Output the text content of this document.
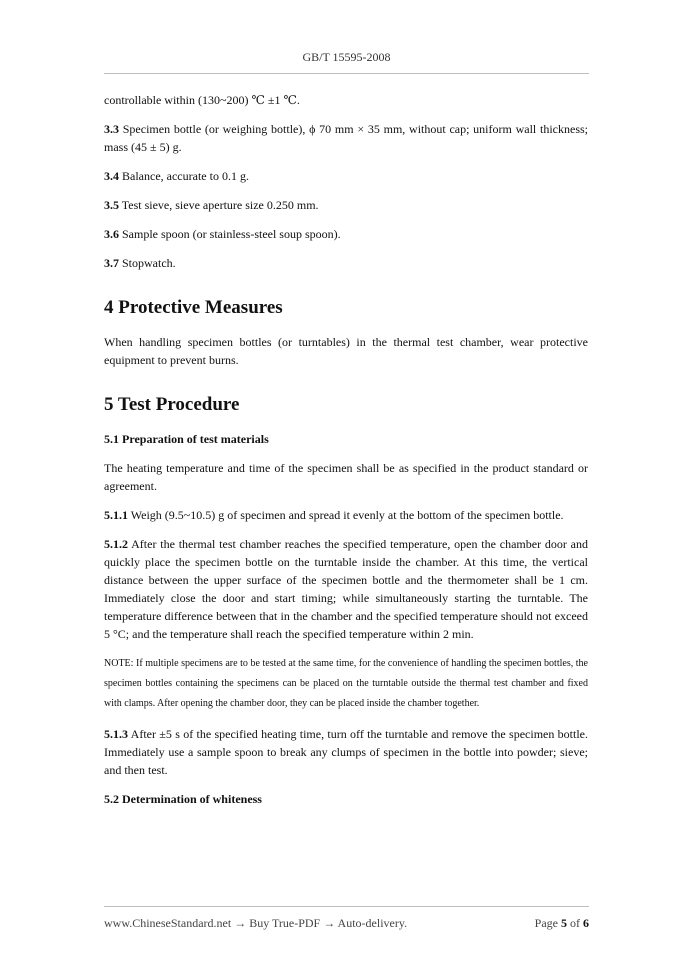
GB/T 15595-2008

controllable within (130~200) ℃ ±1 ℃.

3.3 Specimen bottle (or weighing bottle), ϕ 70 mm × 35 mm, without cap; uniform wall thickness; mass (45 ± 5) g.

3.4 Balance, accurate to 0.1 g.

3.5 Test sieve, sieve aperture size 0.250 mm.

3.6 Sample spoon (or stainless-steel soup spoon).

3.7 Stopwatch.

4 Protective Measures

When handling specimen bottles (or turntables) in the thermal test chamber, wear protective equipment to prevent burns.

5 Test Procedure
5.1 Preparation of test materials

The heating temperature and time of the specimen shall be as specified in the product standard or agreement.

5.1.1 Weigh (9.5~10.5) g of specimen and spread it evenly at the bottom of the specimen bottle.

5.1.2 After the thermal test chamber reaches the specified temperature, open the chamber door and quickly place the specimen bottle on the turntable inside the chamber. At this time, the vertical distance between the upper surface of the specimen bottle and the thermometer shall be 1 cm. Immediately close the door and start timing; while simultaneously starting the turntable. The temperature difference between that in the chamber and the specified temperature should not exceed 5 °C; and the temperature shall reach the specified temperature within 2 min.

NOTE: If multiple specimens are to be tested at the same time, for the convenience of handling the specimen bottles, the specimen bottles containing the specimens can be placed on the turntable outside the thermal test chamber and fixed with clamps. After opening the chamber door, they can be placed inside the chamber together.

5.1.3 After ±5 s of the specified heating time, turn off the turntable and remove the specimen bottle. Immediately use a sample spoon to break any clumps of specimen in the bottle into powder; sieve; and then test.

5.2 Determination of whiteness
www.ChineseStandard.net → Buy True-PDF → Auto-delivery.	Page 5 of 6
